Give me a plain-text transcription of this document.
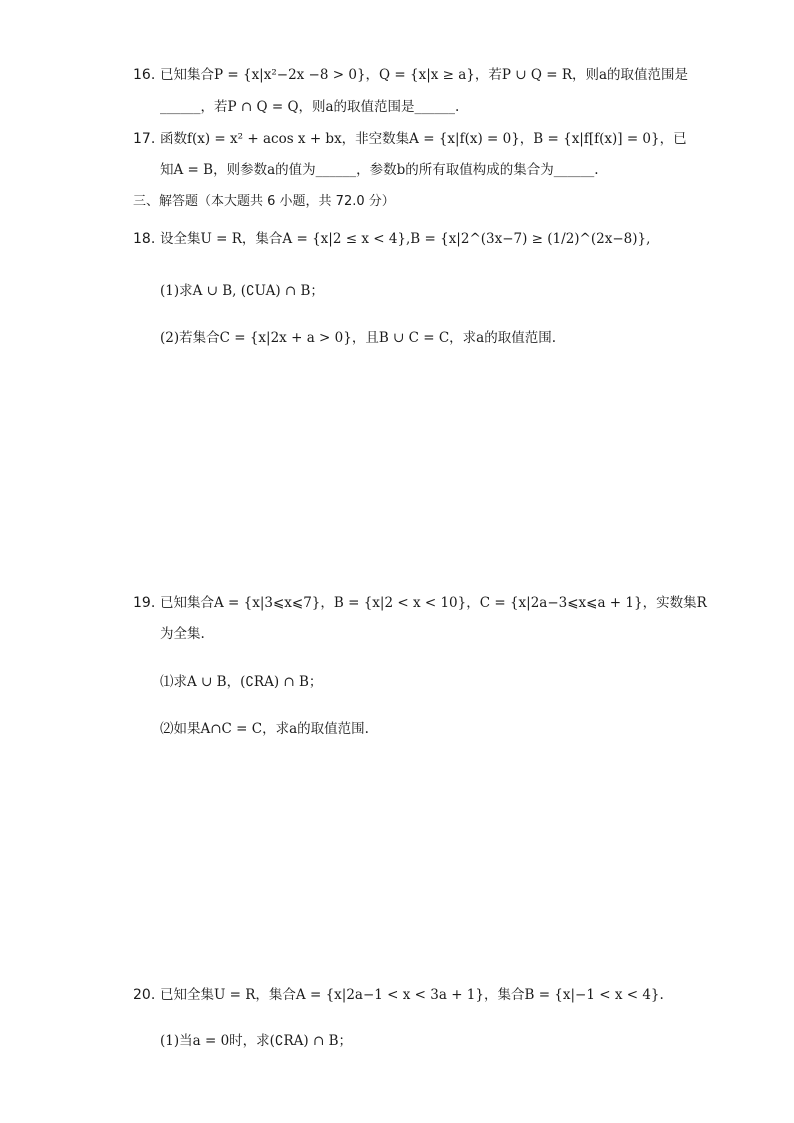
16. 已知集合P = {x|x²−2x −8 > 0}，Q = {x|x ≥ a}，若P ∪ Q = R，则a的取值范围是
______，若P ∩ Q = Q，则a的取值范围是______.
17. 函数f(x) = x² + acos x + bx，非空数集A = {x|f(x) = 0}，B = {x|f[f(x)] = 0}，已
知A = B，则参数a的值为______，参数b的所有取值构成的集合为______.
三、解答题（本大题共 6 小题，共 72.0 分）
18. 设全集U = R，集合A = {x|2 ≤ x < 4},B = {x|2^(3x−7) ≥ (1/2)^(2x−8)},
(1)求A ∪ B, (∁UA) ∩ B；
(2)若集合C = {x|2x + a > 0}，且B ∪ C = C，求a的取值范围.
19. 已知集合A = {x|3⩽x⩽7}，B = {x|2 < x < 10}，C = {x|2a−3⩽x⩽a + 1}，实数集R
为全集.
⑴求A ∪ B，(∁RA) ∩ B；
⑵如果A∩C = C，求a的取值范围.
20. 已知全集U = R，集合A = {x|2a−1 < x < 3a + 1}，集合B = {x|−1 < x < 4}.
(1)当a = 0时，求(∁RA) ∩ B；
